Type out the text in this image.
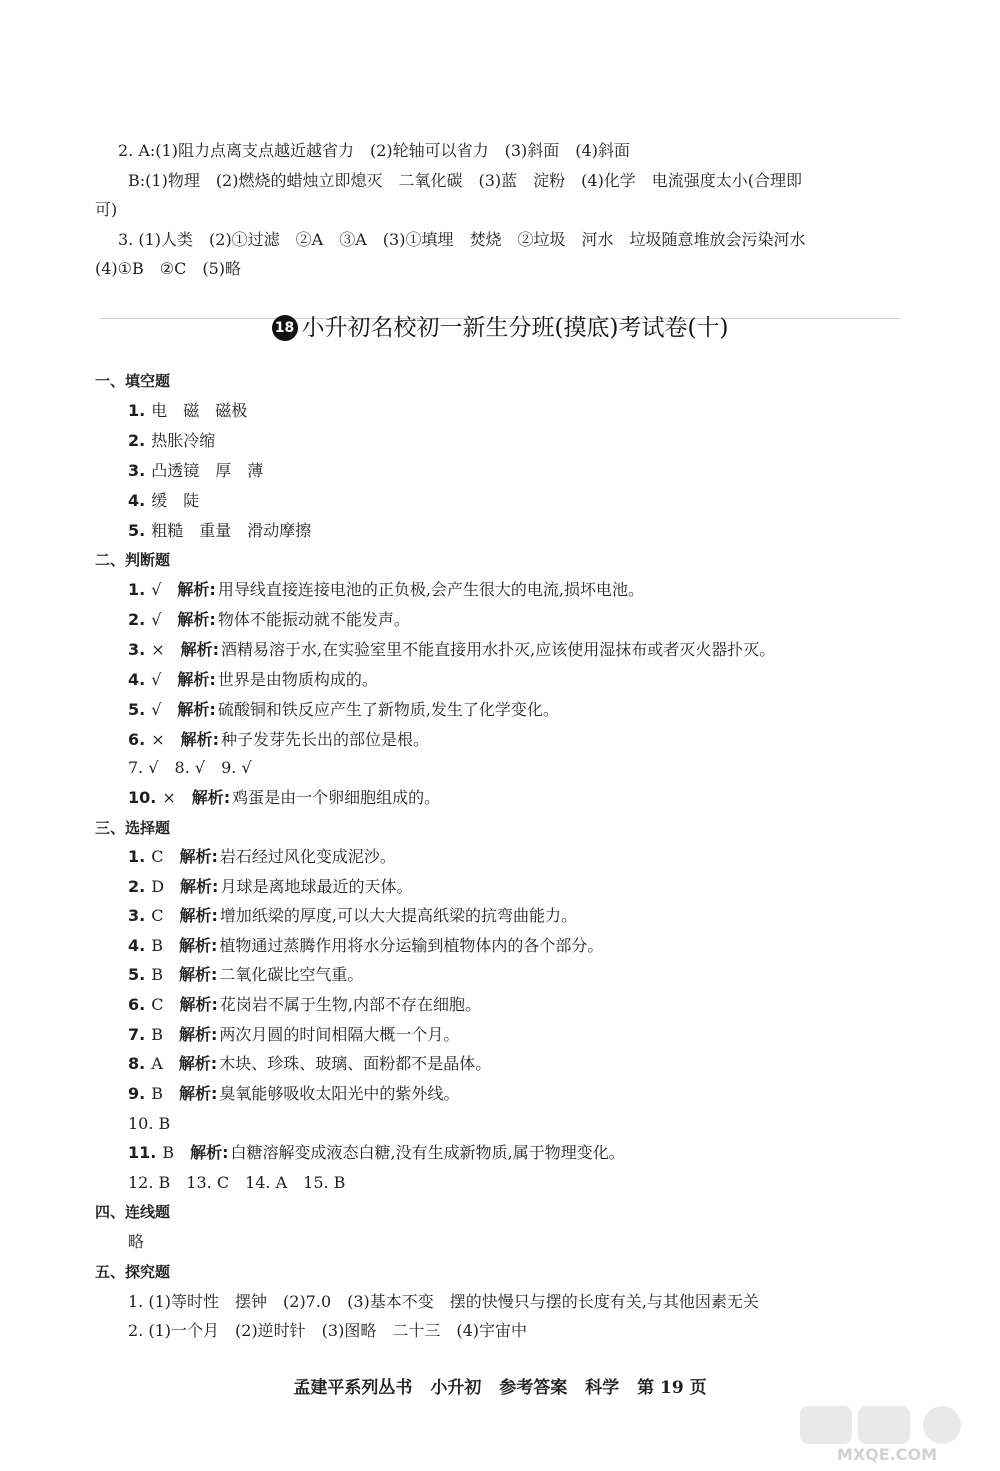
2. A:(1)阻力点离支点越近越省力　(2)轮轴可以省力　(3)斜面　(4)斜面
B:(1)物理　(2)燃烧的蜡烛立即熄灭　二氧化碳　(3)蓝　淀粉　(4)化学　电流强度太小(合理即
可)
3. (1)人类　(2)①过滤　②A　③A　(3)①填埋　焚烧　②垃圾　河水　垃圾随意堆放会污染河水
(4)①B　②C　(5)略
18 小升初名校初一新生分班(摸底)考试卷(十)
一、填空题
1. 电　磁　磁极
2. 热胀冷缩
3. 凸透镜　厚　薄
4. 缓　陡
5. 粗糙　重量　滑动摩擦
二、判断题
1. √ 解析: 用导线直接连接电池的正负极,会产生很大的电流,损坏电池。
2. √ 解析: 物体不能振动就不能发声。
3. × 解析: 酒精易溶于水,在实验室里不能直接用水扑灭,应该使用湿抹布或者灭火器扑灭。
4. √ 解析: 世界是由物质构成的。
5. √ 解析: 硫酸铜和铁反应产生了新物质,发生了化学变化。
6. × 解析: 种子发芽先长出的部位是根。
7. √　8. √　9. √
10. × 解析: 鸡蛋是由一个卵细胞组成的。
三、选择题
1. C 解析: 岩石经过风化变成泥沙。
2. D 解析: 月球是离地球最近的天体。
3. C 解析: 增加纸梁的厚度,可以大大提高纸梁的抗弯曲能力。
4. B 解析: 植物通过蒸腾作用将水分运输到植物体内的各个部分。
5. B 解析: 二氧化碳比空气重。
6. C 解析: 花岗岩不属于生物,内部不存在细胞。
7. B 解析: 两次月圆的时间相隔大概一个月。
8. A 解析: 木块、珍珠、玻璃、面粉都不是晶体。
9. B 解析: 臭氧能够吸收太阳光中的紫外线。
10. B
11. B 解析: 白糖溶解变成液态白糖,没有生成新物质,属于物理变化。
12. B　13. C　14. A　15. B
四、连线题
略
五、探究题
1. (1)等时性　摆钟　(2)7.0　(3)基本不变　摆的快慢只与摆的长度有关,与其他因素无关
2. (1)一个月　(2)逆时针　(3)图略　二十三　(4)宇宙中
孟建平系列丛书 小升初 参考答案 科学 第 19 页
MXQE.COM
